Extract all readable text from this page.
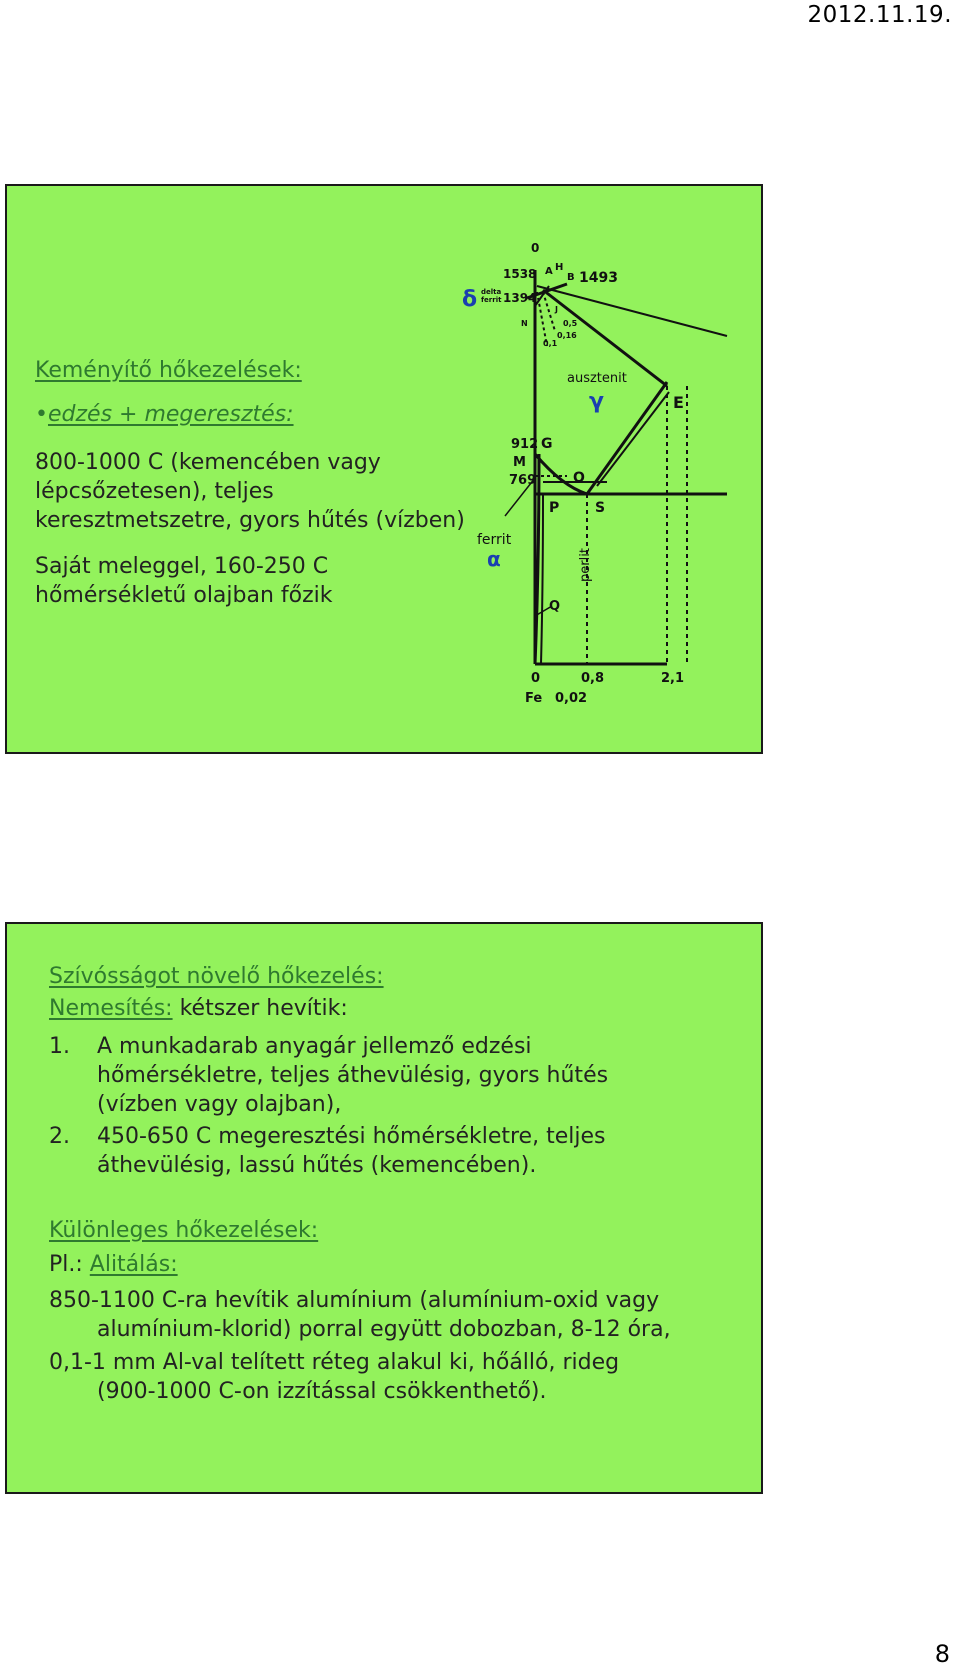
2012.11.19.

Keményítő hőkezelések:

•edzés + megeresztés:

800-1000 C (kemencében vagy

lépcsőzetesen), teljes

keresztmetszetre, gyors hűtés (vízben)

Saját meleggel, 160-250 C

hőmérsékletű olajban főzik

0
1538 A H
B 1493
1394
N
J
0,5
0,16
0,1
δ delta
ferrit
ausztenit
γ	E
912 G
M
769	O
P	S
ferrit
α	perlit
Q
0	0,8	2,1
Fe 0,02

Szívósságot növelő hőkezelés:

Nemesítés: kétszer hevítik:

1. A munkadarab anyagár jellemző edzési

hőmérsékletre, teljes áthevülésig, gyors hűtés

(vízben vagy olajban),

2. 450-650 C megeresztési hőmérsékletre, teljes

áthevülésig, lassú hűtés (kemencében).

Különleges hőkezelések:

Pl.: Alitálás:

850-1100 C-ra hevítik alumínium (alumínium-oxid vagy

alumínium-klorid) porral együtt dobozban, 8-12 óra,

0,1-1 mm Al-val telített réteg alakul ki, hőálló, rideg

(900-1000 C-on izzítással csökkenthető).

8
